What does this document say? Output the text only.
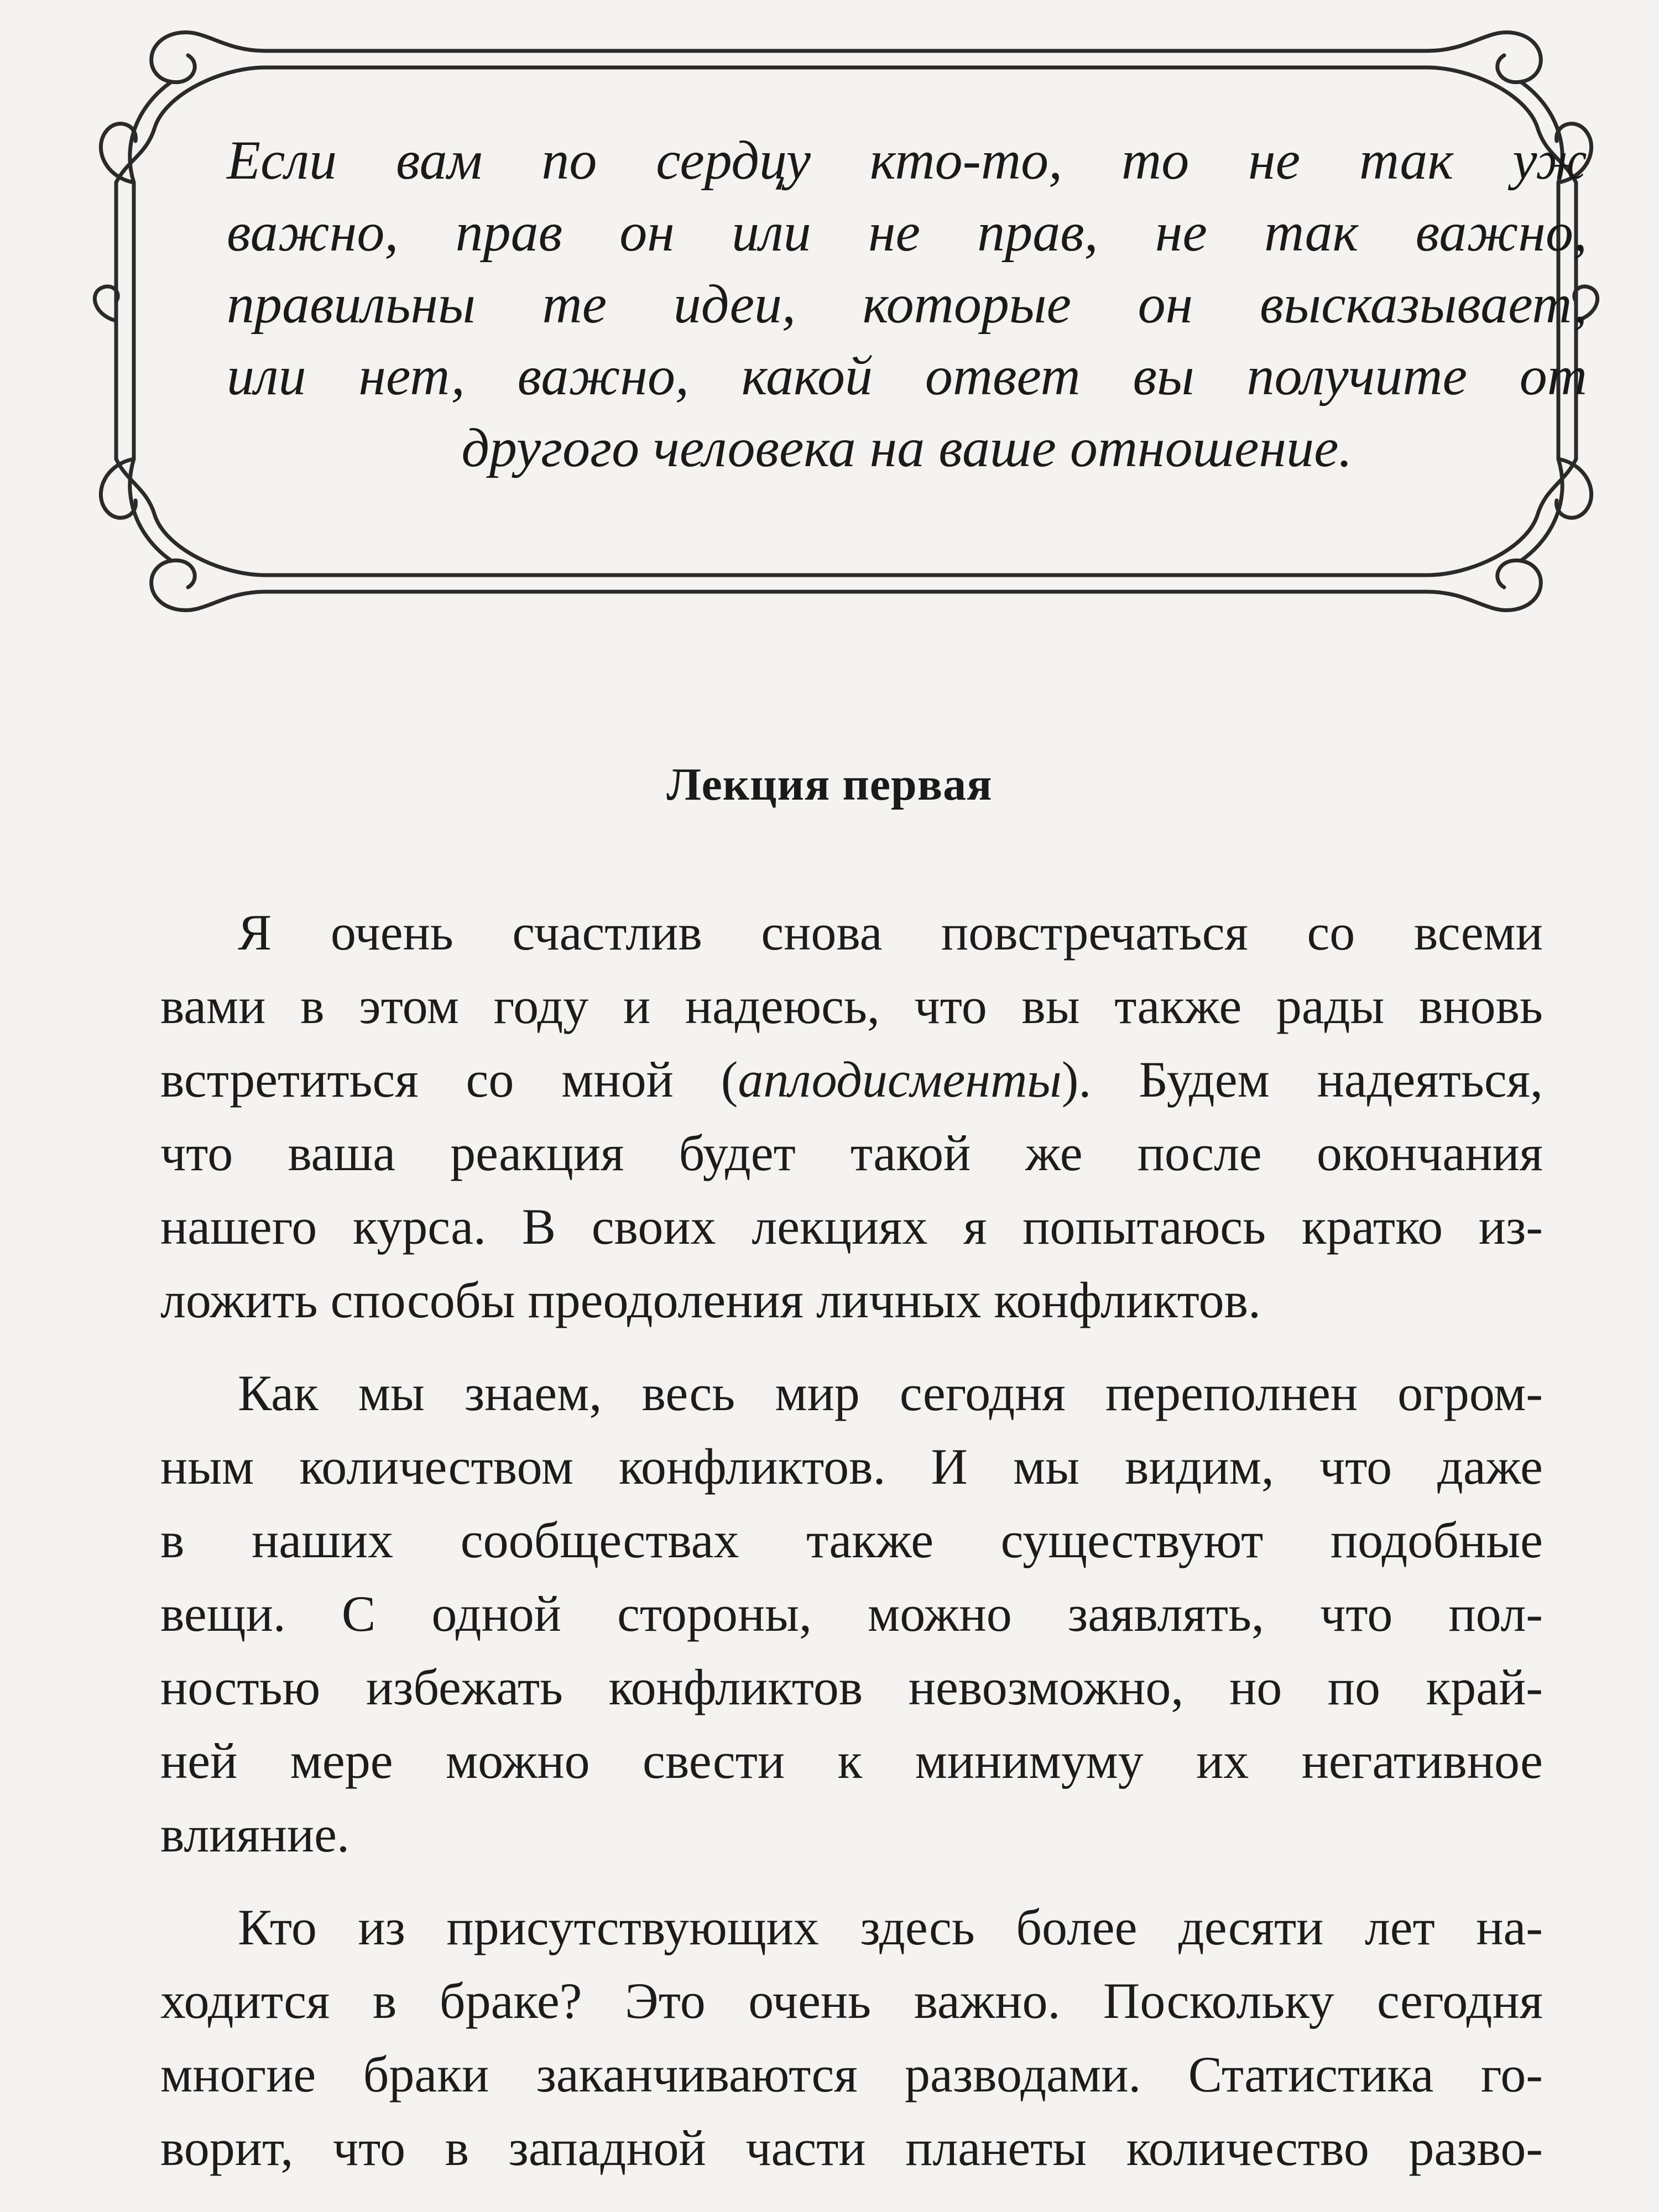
Если вам по сердцу кто-то, то не так уж

важно, прав он или не прав, не так важно,

правильны те идеи, которые он высказывает,

или нет, важно, какой ответ вы получите от

другого человека на ваше отношение.

Лекция первая
Я очень счастлив снова повстречаться со всеми
вами в этом году и надеюсь, что вы также рады вновь
встретиться со мной (аплодисменты). Будем надеяться,
что ваша реакция будет такой же после окончания
нашего курса. В своих лекциях я попытаюсь кратко из-
ложить способы преодоления личных конфликтов.
Как мы знаем, весь мир сегодня переполнен огром-
ным количеством конфликтов. И мы видим, что даже
в наших сообществах также существуют подобные
вещи. С одной стороны, можно заявлять, что пол-
ностью избежать конфликтов невозможно, но по край-
ней мере можно свести к минимуму их негативное
влияние.
Кто из присутствующих здесь более десяти лет на-
ходится в браке? Это очень важно. Поскольку сегодня
многие браки заканчиваются разводами. Статистика го-
ворит, что в западной части планеты количество разво-
